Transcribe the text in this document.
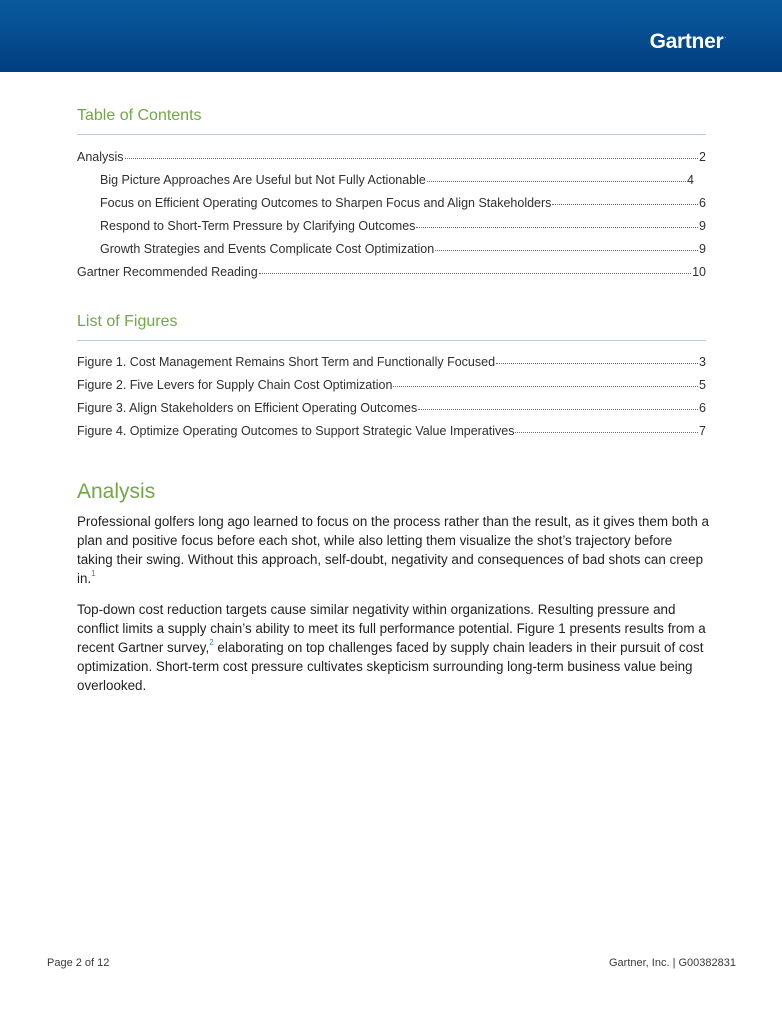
Gartner.
Table of Contents
Analysis	2
Big Picture Approaches Are Useful but Not Fully Actionable	4
Focus on Efficient Operating Outcomes to Sharpen Focus and Align Stakeholders	6
Respond to Short-Term Pressure by Clarifying Outcomes	9
Growth Strategies and Events Complicate Cost Optimization	9
Gartner Recommended Reading	10
List of Figures
Figure 1. Cost Management Remains Short Term and Functionally Focused	3
Figure 2. Five Levers for Supply Chain Cost Optimization	5
Figure 3. Align Stakeholders on Efficient Operating Outcomes	6
Figure 4. Optimize Operating Outcomes to Support Strategic Value Imperatives	7
Analysis

Professional golfers long ago learned to focus on the process rather than the result, as it gives them both a plan and positive focus before each shot, while also letting them visualize the shot’s trajectory before taking their swing. Without this approach, self-doubt, negativity and consequences of bad shots can creep in.$^1$

Top-down cost reduction targets cause similar negativity within organizations. Resulting pressure and conflict limits a supply chain’s ability to meet its full performance potential. Figure 1 presents results from a recent Gartner survey,$^2$ elaborating on top challenges faced by supply chain leaders in their pursuit of cost optimization. Short-term cost pressure cultivates skepticism surrounding long-term business value being overlooked.

Page 2 of 12	Gartner, Inc. | G00382831
